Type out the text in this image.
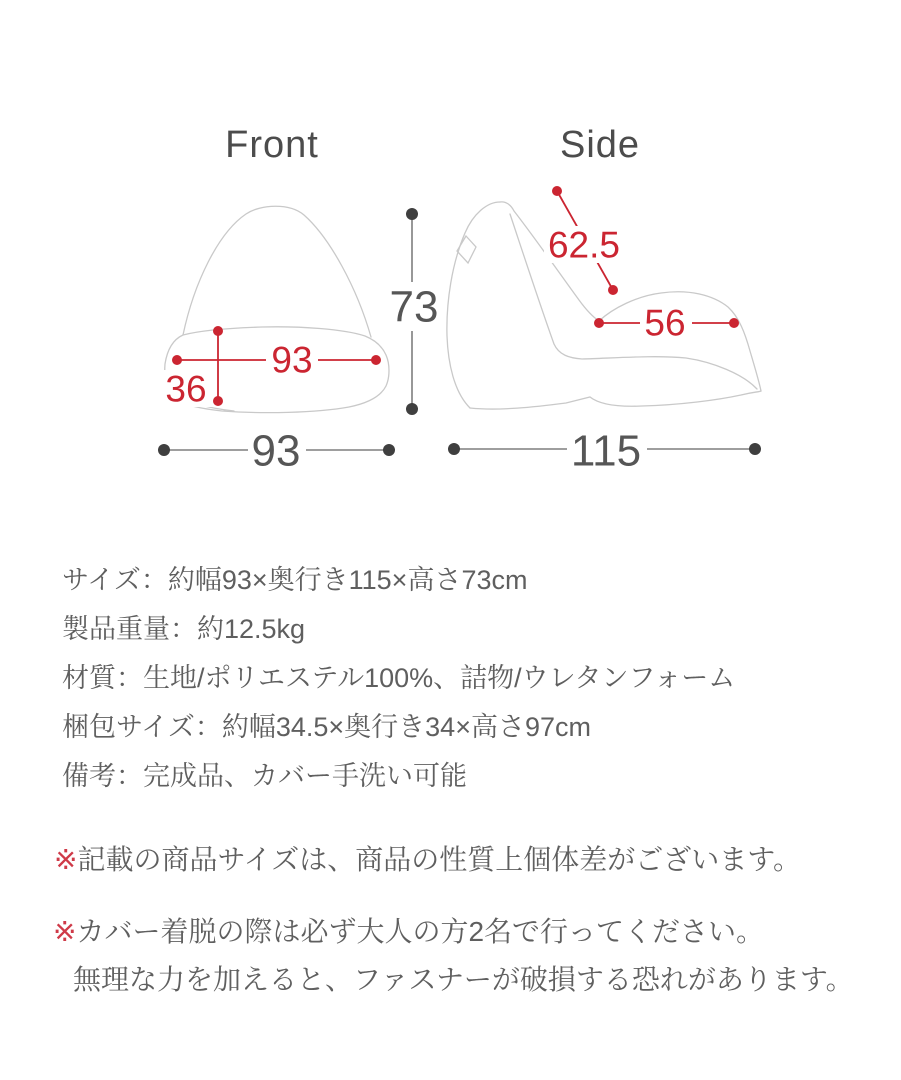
Front	Side
93
36
73
93
62.5
56
115
サイズ：約幅93×奥行き115×高さ73cm
製品重量：約12.5kg
材質：生地/ポリエステル100%、詰物/ウレタンフォーム
梱包サイズ：約幅34.5×奥行き34×高さ97cm
備考：完成品、カバー手洗い可能
※記載の商品サイズは、商品の性質上個体差がございます。
※カバー着脱の際は必ず大人の方2名で行ってください。
無理な力を加えると、ファスナーが破損する恐れがあります。
